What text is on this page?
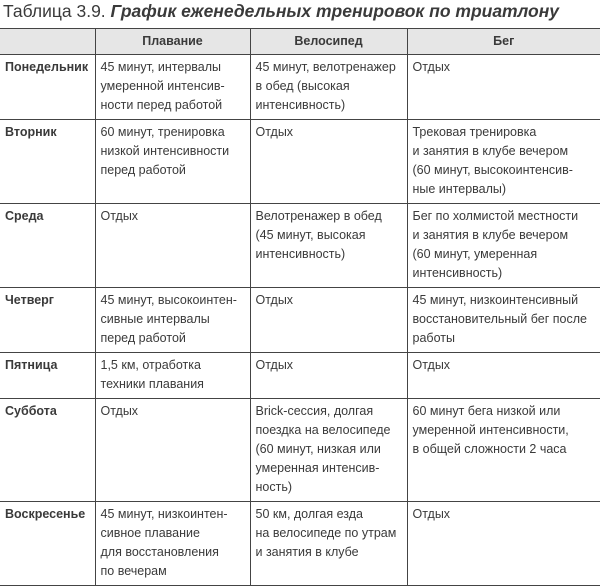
Таблица 3.9. График еженедельных тренировок по триатлону
	Плавание	Велосипед	Бег

Понедельник	45 минут, интервалы
умеренной интенсив-
ности перед работой	45 минут, велотренажер
в обед (высокая
интенсивность)	Отдых

Вторник	60 минут, тренировка
низкой интенсивности
перед работой	Отдых	Трековая тренировка
и занятия в клубе вечером
(60 минут, высокоинтенсив-
ные интервалы)

Среда	Отдых	Велотренажер в обед
(45 минут, высокая
интенсивность)	Бег по холмистой местности
и занятия в клубе вечером
(60 минут, умеренная
интенсивность)

Четверг	45 минут, высокоинтен-
сивные интервалы
перед работой	Отдых	45 минут, низкоинтенсивный
восстановительный бег после
работы

Пятница	1,5 км, отработка
техники плавания	Отдых	Отдых

Суббота	Отдых	Brick-сессия, долгая
поездка на велосипеде
(60 минут, низкая или
умеренная интенсив-
ность)	60 минут бега низкой или
умеренной интенсивности,
в общей сложности 2 часа

Воскресенье	45 минут, низкоинтен-
сивное плавание
для восстановления
по вечерам	50 км, долгая езда
на велосипеде по утрам
и занятия в клубе	Отдых
